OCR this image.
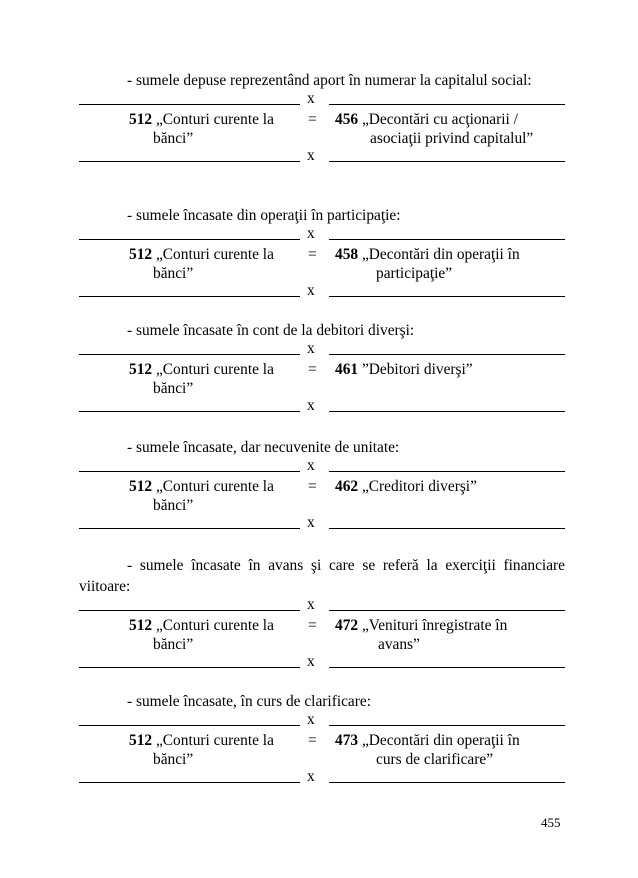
- sumele depuse reprezentând aport în numerar la capitalul social:

x
512 „Conturi curente la
bănci”
= 456 „Decontări cu acţionarii /
asociaţii privind capitalul”
x

- sumele încasate din operaţii în participaţie:

x
512 „Conturi curente la
bănci”
= 458 „Decontări din operaţii în
participaţie”
x

- sumele încasate în cont de la debitori diverşi:

x
512 „Conturi curente la
bănci”
= 461 ”Debitori diverşi”
x

- sumele încasate, dar necuvenite de unitate:

x
512 „Conturi curente la
bănci”
= 462 „Creditori diverşi”
x

- sumele încasate în avans şi care se referă la exerciţii financiare viitoare:

x
512 „Conturi curente la
bănci”
= 472 „Venituri înregistrate în
avans”
x

- sumele încasate, în curs de clarificare:

x
512 „Conturi curente la
bănci”
= 473 „Decontări din operaţii în
curs de clarificare”
x
455
